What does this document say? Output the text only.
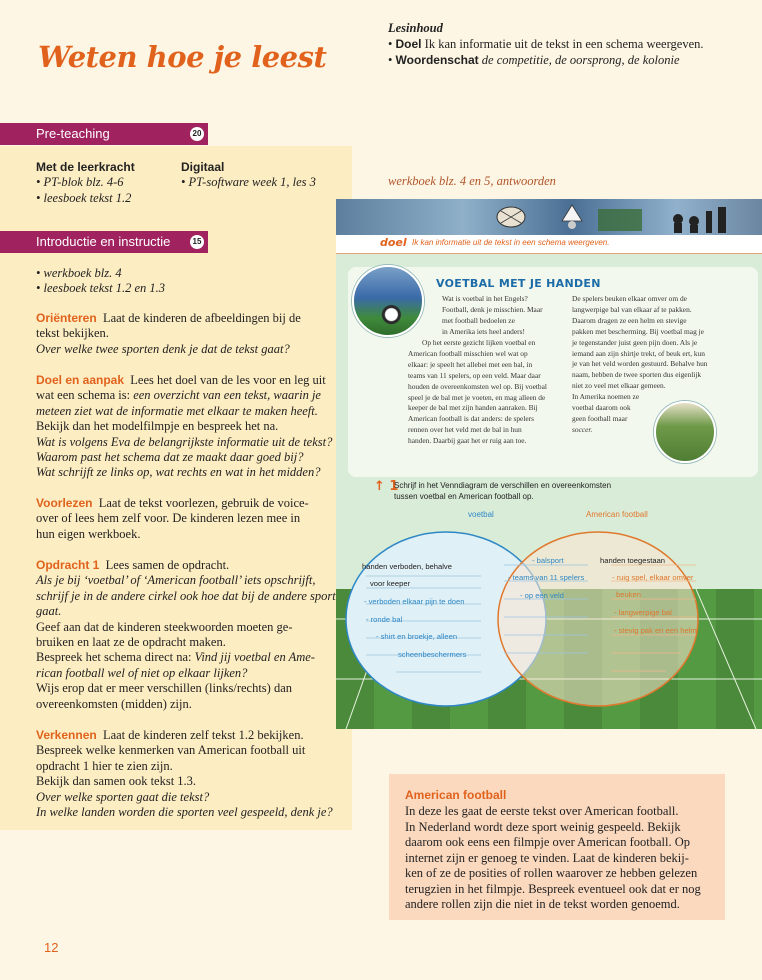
Weten hoe je leest
Lesinhoud
• Doel Ik kan informatie uit de tekst in een schema weergeven.
• Woordenschat de competitie, de oorsprong, de kolonie
Pre-teaching	20
Met de leerkracht
• PT-blok blz. 4-6
• leesboek tekst 1.2
Digitaal
• PT-software week 1, les 3
Introductie en instructie	15
• werkboek blz. 4
• leesboek tekst 1.2 en 1.3
Oriënteren Laat de kinderen de afbeeldingen bij de
tekst bekijken.
Over welke twee sporten denk je dat de tekst gaat?
Doel en aanpak Lees het doel van de les voor en leg uit
wat een schema is: een overzicht van een tekst, waarin je
meteen ziet wat de informatie met elkaar te maken heeft.
Bekijk dan het modelfilmpje en bespreek het na.
Wat is volgens Eva de belangrijkste informatie uit de tekst?
Waarom past het schema dat ze maakt daar goed bij?
Wat schrijft ze links op, wat rechts en wat in het midden?
Voorlezen Laat de tekst voorlezen, gebruik de voice-
over of lees hem zelf voor. De kinderen lezen mee in
hun eigen werkboek.
Opdracht 1 Lees samen de opdracht.
Als je bij ‘voetbal’ of ‘American football’ iets opschrijft,
schrijf je in de andere cirkel ook hoe dat bij de andere sport
gaat.
Geef aan dat de kinderen steekwoorden moeten ge-
bruiken en laat ze de opdracht maken.
Bespreek het schema direct na: Vind jij voetbal en Ame-
rican football wel of niet op elkaar lijken?
Wijs erop dat er meer verschillen (links/rechts) dan
overeenkomsten (midden) zijn.
Verkennen Laat de kinderen zelf tekst 1.2 bekijken.
Bespreek welke kenmerken van American football uit
opdracht 1 hier te zien zijn.
Bekijk dan samen ook tekst 1.3.
Over welke sporten gaat die tekst?
In welke landen worden die sporten veel gespeeld, denk je?
werkboek blz. 4 en 5, antwoorden
doel Ik kan informatie uit de tekst in een schema weergeven.
VOETBAL MET JE HANDEN
Wat is voetbal in het Engels?
Football, denk je misschien. Maar
met football bedoelen ze
in Amerika iets heel anders!
Op het eerste gezicht lijken voetbal en
American football misschien wel wat op
elkaar: je speelt het allebei met een bal, in
teams van 11 spelers, op een veld. Maar daar
houden de overeenkomsten wel op. Bij voetbal
speel je de bal met je voeten, en mag alleen de
keeper de bal met zijn handen aanraken. Bij
American football is dat anders: de spelers
rennen over het veld met de bal in hun
handen. Daarbij gaat het er ruig aan toe.
De spelers beuken elkaar omver om de
langwerpige bal van elkaar af te pakken.
Daarom dragen ze een helm en stevige
pakken met bescherming. Bij voetbal mag je
je tegenstander juist geen pijn doen. Als je
iemand aan zijn shirtje trekt, of beuk ert, kun
je van het veld worden gestuurd. Behalve hun
naam, hebben de twee sporten dus eigenlijk
niet zo veel met elkaar gemeen.
In Amerika noemen ze
voetbal daarom ook
geen football maar
soccer.
↑ 1
Schrijf in het Venndiagram de verschillen en overeenkomsten
tussen voetbal en American football op.
voetbal	American football
handen verboden, behalve
voor keeper
- verboden elkaar pijn te doen
- ronde bal
- shirt en broekje, alleen
scheenbeschermers
- balsport
- teams van 11 spelers
- op een veld
handen toegestaan
- ruig spel, elkaar omver
beuken
- langwerpige bal
- stevig pak en een helm
American football
In deze les gaat de eerste tekst over American football.
In Nederland wordt deze sport weinig gespeeld. Bekijk
daarom ook eens een filmpje over American football. Op
internet zijn er genoeg te vinden. Laat de kinderen bekij-
ken of ze de posities of rollen waarover ze hebben gelezen
terugzien in het filmpje. Bespreek eventueel ook dat er nog
andere rollen zijn die niet in de tekst worden genoemd.
12
